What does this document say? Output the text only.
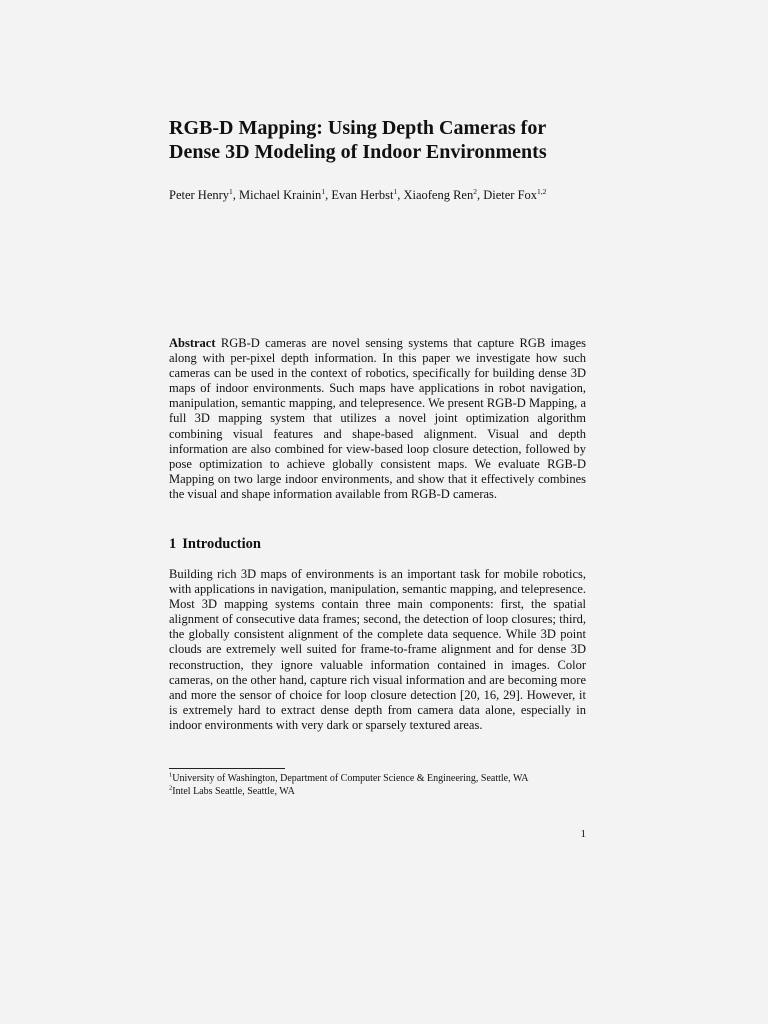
RGB-D Mapping: Using Depth Cameras for
Dense 3D Modeling of Indoor Environments
Peter Henry$^1$, Michael Krainin$^1$, Evan Herbst$^1$, Xiaofeng Ren$^2$, Dieter Fox$^{1,2}$
Abstract RGB-D cameras are novel sensing systems that capture RGB images along with per-pixel depth information. In this paper we investigate how such cameras can be used in the context of robotics, specifically for building dense 3D maps of indoor environments. Such maps have applications in robot navigation, manipulation, semantic mapping, and telepresence. We present RGB-D Mapping, a full 3D mapping system that utilizes a novel joint optimization algorithm combining visual features and shape-based alignment. Visual and depth information are also combined for view-based loop closure detection, followed by pose optimization to achieve globally consistent maps. We evaluate RGB-D Mapping on two large indoor environments, and show that it effectively combines the visual and shape information available from RGB-D cameras.
1 Introduction
Building rich 3D maps of environments is an important task for mobile robotics, with applications in navigation, manipulation, semantic mapping, and telepresence. Most 3D mapping systems contain three main components: first, the spatial alignment of consecutive data frames; second, the detection of loop closures; third, the globally consistent alignment of the complete data sequence. While 3D point clouds are extremely well suited for frame-to-frame alignment and for dense 3D reconstruction, they ignore valuable information contained in images. Color cameras, on the other hand, capture rich visual information and are becoming more and more the sensor of choice for loop closure detection [20, 16, 29]. However, it is extremely hard to extract dense depth from camera data alone, especially in indoor environments with very dark or sparsely textured areas.
$^1$University of Washington, Department of Computer Science & Engineering, Seattle, WA
$^2$Intel Labs Seattle, Seattle, WA
1
